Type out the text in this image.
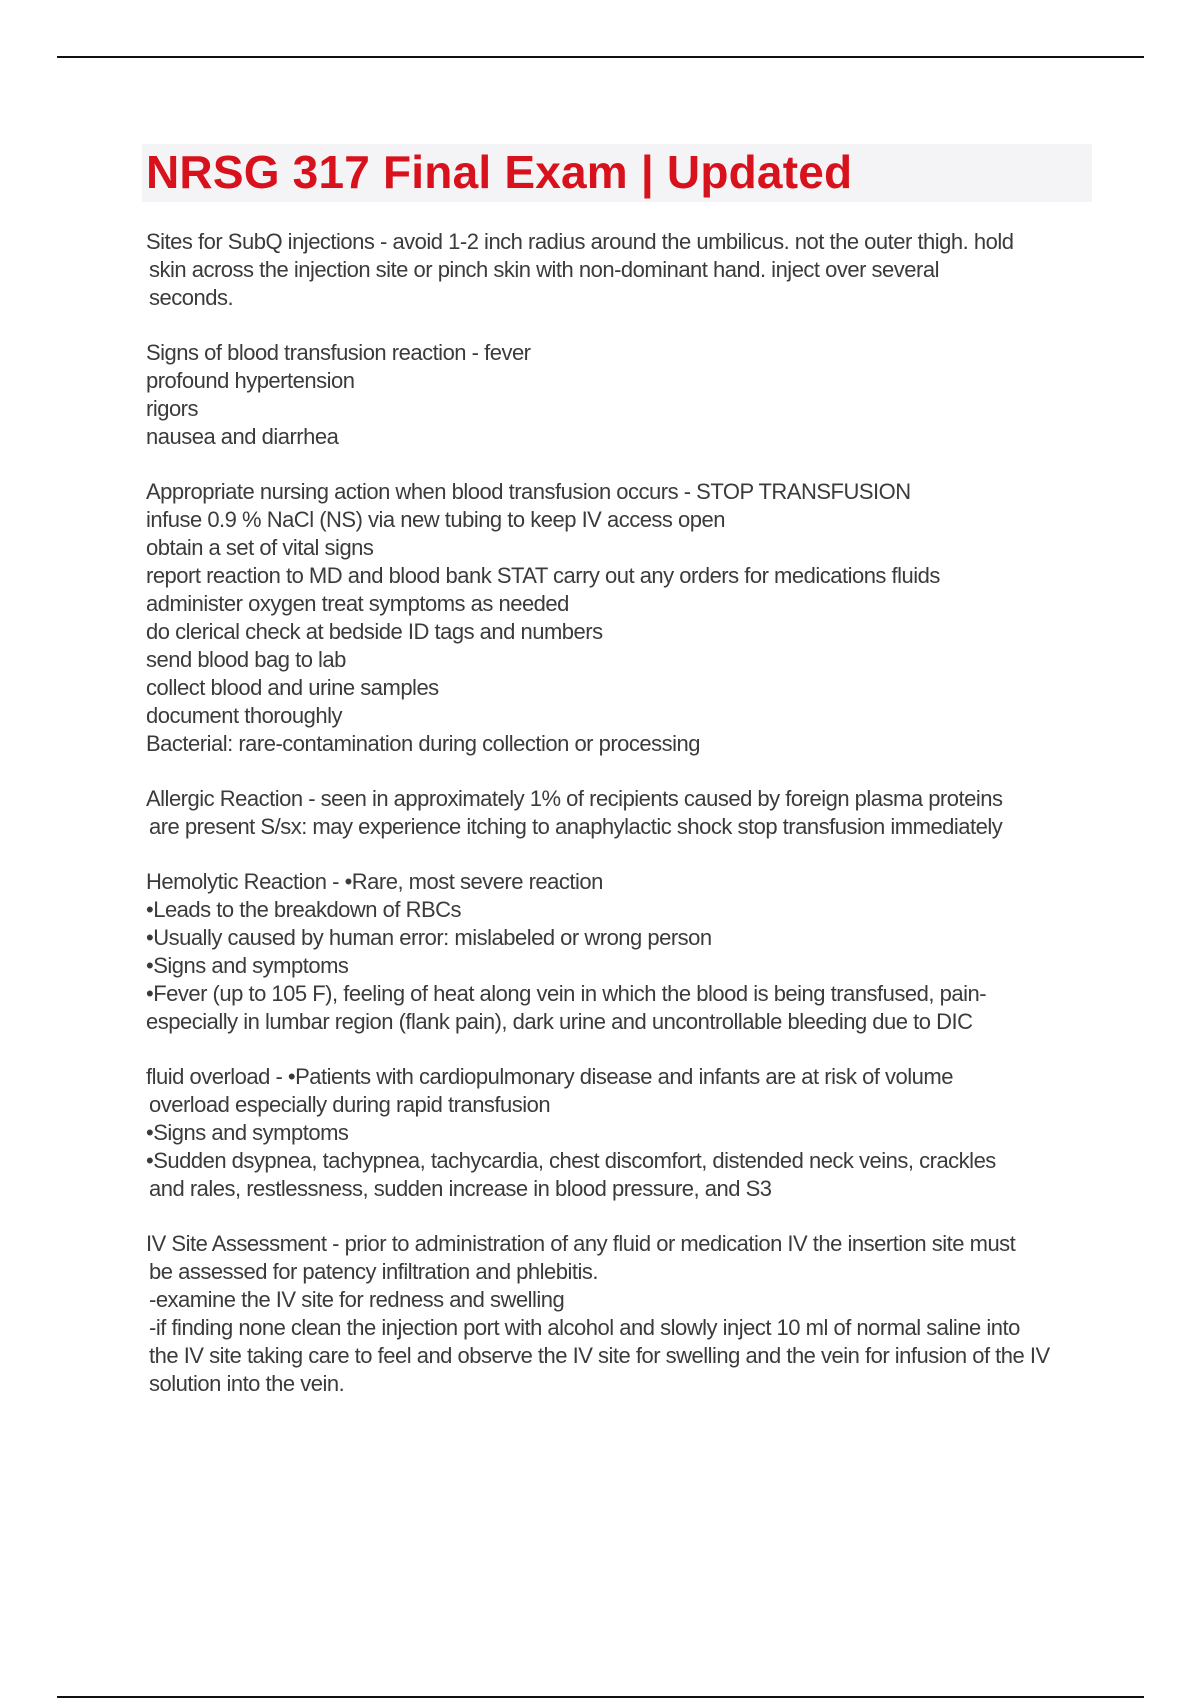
NRSG 317 Final Exam | Updated
Sites for SubQ injections - avoid 1-2 inch radius around the umbilicus. not the outer thigh. hold
skin across the injection site or pinch skin with non-dominant hand. inject over several
seconds.
Signs of blood transfusion reaction - fever
profound hypertension
rigors
nausea and diarrhea
Appropriate nursing action when blood transfusion occurs - STOP TRANSFUSION
infuse 0.9 % NaCl (NS) via new tubing to keep IV access open
obtain a set of vital signs
report reaction to MD and blood bank STAT carry out any orders for medications fluids
administer oxygen treat symptoms as needed
do clerical check at bedside ID tags and numbers
send blood bag to lab
collect blood and urine samples
document thoroughly
Bacterial: rare-contamination during collection or processing
Allergic Reaction - seen in approximately 1% of recipients caused by foreign plasma proteins
are present S/sx: may experience itching to anaphylactic shock stop transfusion immediately
Hemolytic Reaction - •Rare, most severe reaction
•Leads to the breakdown of RBCs
•Usually caused by human error: mislabeled or wrong person
•Signs and symptoms
•Fever (up to 105 F), feeling of heat along vein in which the blood is being transfused, pain-
especially in lumbar region (flank pain), dark urine and uncontrollable bleeding due to DIC
fluid overload - •Patients with cardiopulmonary disease and infants are at risk of volume
overload especially during rapid transfusion
•Signs and symptoms
•Sudden dsypnea, tachypnea, tachycardia, chest discomfort, distended neck veins, crackles
and rales, restlessness, sudden increase in blood pressure, and S3
IV Site Assessment - prior to administration of any fluid or medication IV the insertion site must
be assessed for patency infiltration and phlebitis.
-examine the IV site for redness and swelling
-if finding none clean the injection port with alcohol and slowly inject 10 ml of normal saline into
the IV site taking care to feel and observe the IV site for swelling and the vein for infusion of the IV
solution into the vein.
